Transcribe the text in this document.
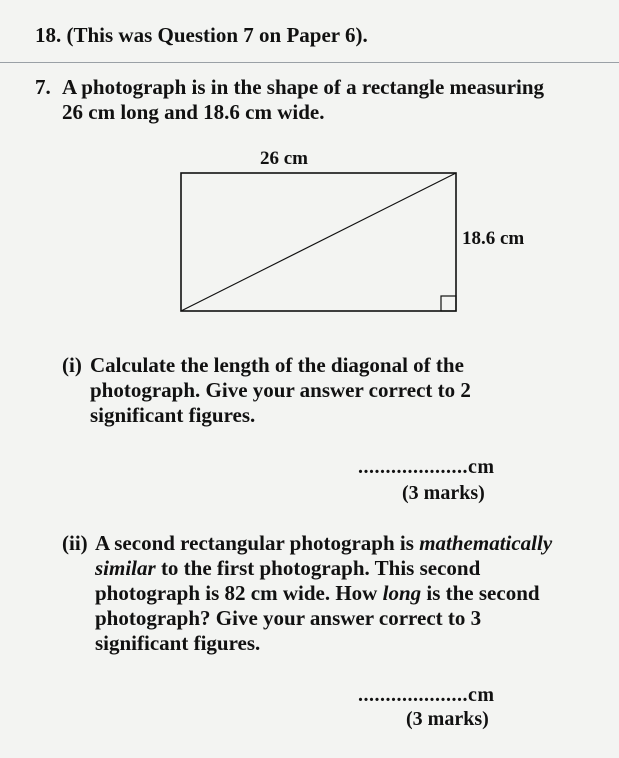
18. (This was Question 7 on Paper 6).
7. A photograph is in the shape of a rectangle measuring
26 cm long and 18.6 cm wide.
26 cm
18.6 cm
(i) Calculate the length of the diagonal of the
photograph. Give your answer correct to 2
significant figures.
....................cm
(3 marks)
(ii) A second rectangular photograph is mathematically
similar to the first photograph. This second
photograph is 82 cm wide. How long is the second
photograph? Give your answer correct to 3
significant figures.
....................cm
(3 marks)
